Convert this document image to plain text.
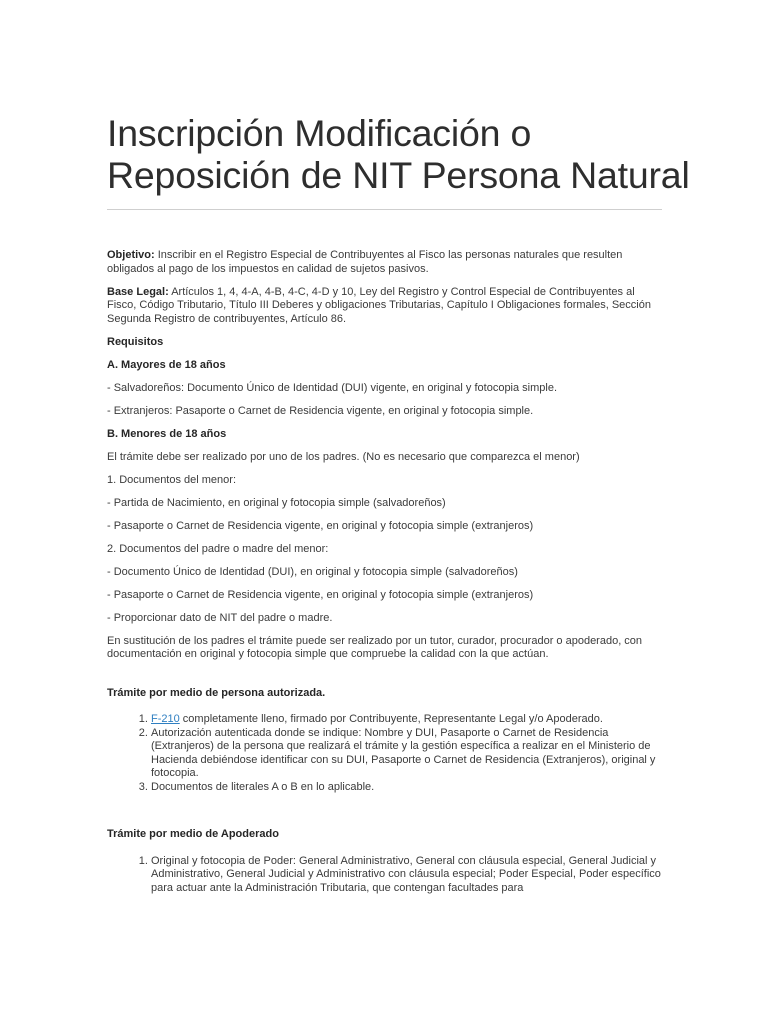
Inscripción Modificación o
Reposición de NIT Persona Natural

Objetivo: Inscribir en el Registro Especial de Contribuyentes al Fisco las personas naturales que resulten obligados al pago de los impuestos en calidad de sujetos pasivos.

Base Legal: Artículos 1, 4, 4-A, 4-B, 4-C, 4-D y 10, Ley del Registro y Control Especial de Contribuyentes al Fisco, Código Tributario, Título III Deberes y obligaciones Tributarias, Capítulo I Obligaciones formales, Sección Segunda Registro de contribuyentes, Artículo 86.

Requisitos

A. Mayores de 18 años

- Salvadoreños: Documento Único de Identidad (DUI) vigente, en original y fotocopia simple.

- Extranjeros: Pasaporte o Carnet de Residencia vigente, en original y fotocopia simple.

B. Menores de 18 años

El trámite debe ser realizado por uno de los padres. (No es necesario que comparezca el menor)

1. Documentos del menor:

- Partida de Nacimiento, en original y fotocopia simple (salvadoreños)

- Pasaporte o Carnet de Residencia vigente, en original y fotocopia simple (extranjeros)

2. Documentos del padre o madre del menor:

- Documento Único de Identidad (DUI), en original y fotocopia simple (salvadoreños)

- Pasaporte o Carnet de Residencia vigente, en original y fotocopia simple (extranjeros)

- Proporcionar dato de NIT del padre o madre.

En sustitución de los padres el trámite puede ser realizado por un tutor, curador, procurador o apoderado, con documentación en original y fotocopia simple que compruebe la calidad con la que actúan.

Trámite por medio de persona autorizada.

1. F-210 completamente lleno, firmado por Contribuyente, Representante Legal y/o Apoderado.
2. Autorización autenticada donde se indique: Nombre y DUI, Pasaporte o Carnet de Residencia (Extranjeros) de la persona que realizará el trámite y la gestión específica a realizar en el Ministerio de Hacienda debiéndose identificar con su DUI, Pasaporte o Carnet de Residencia (Extranjeros), original y fotocopia.
3. Documentos de literales A o B en lo aplicable.

Trámite por medio de Apoderado

1. Original y fotocopia de Poder: General Administrativo, General con cláusula especial, General Judicial y Administrativo, General Judicial y Administrativo con cláusula especial; Poder Especial, Poder específico para actuar ante la Administración Tributaria, que contengan facultades para
